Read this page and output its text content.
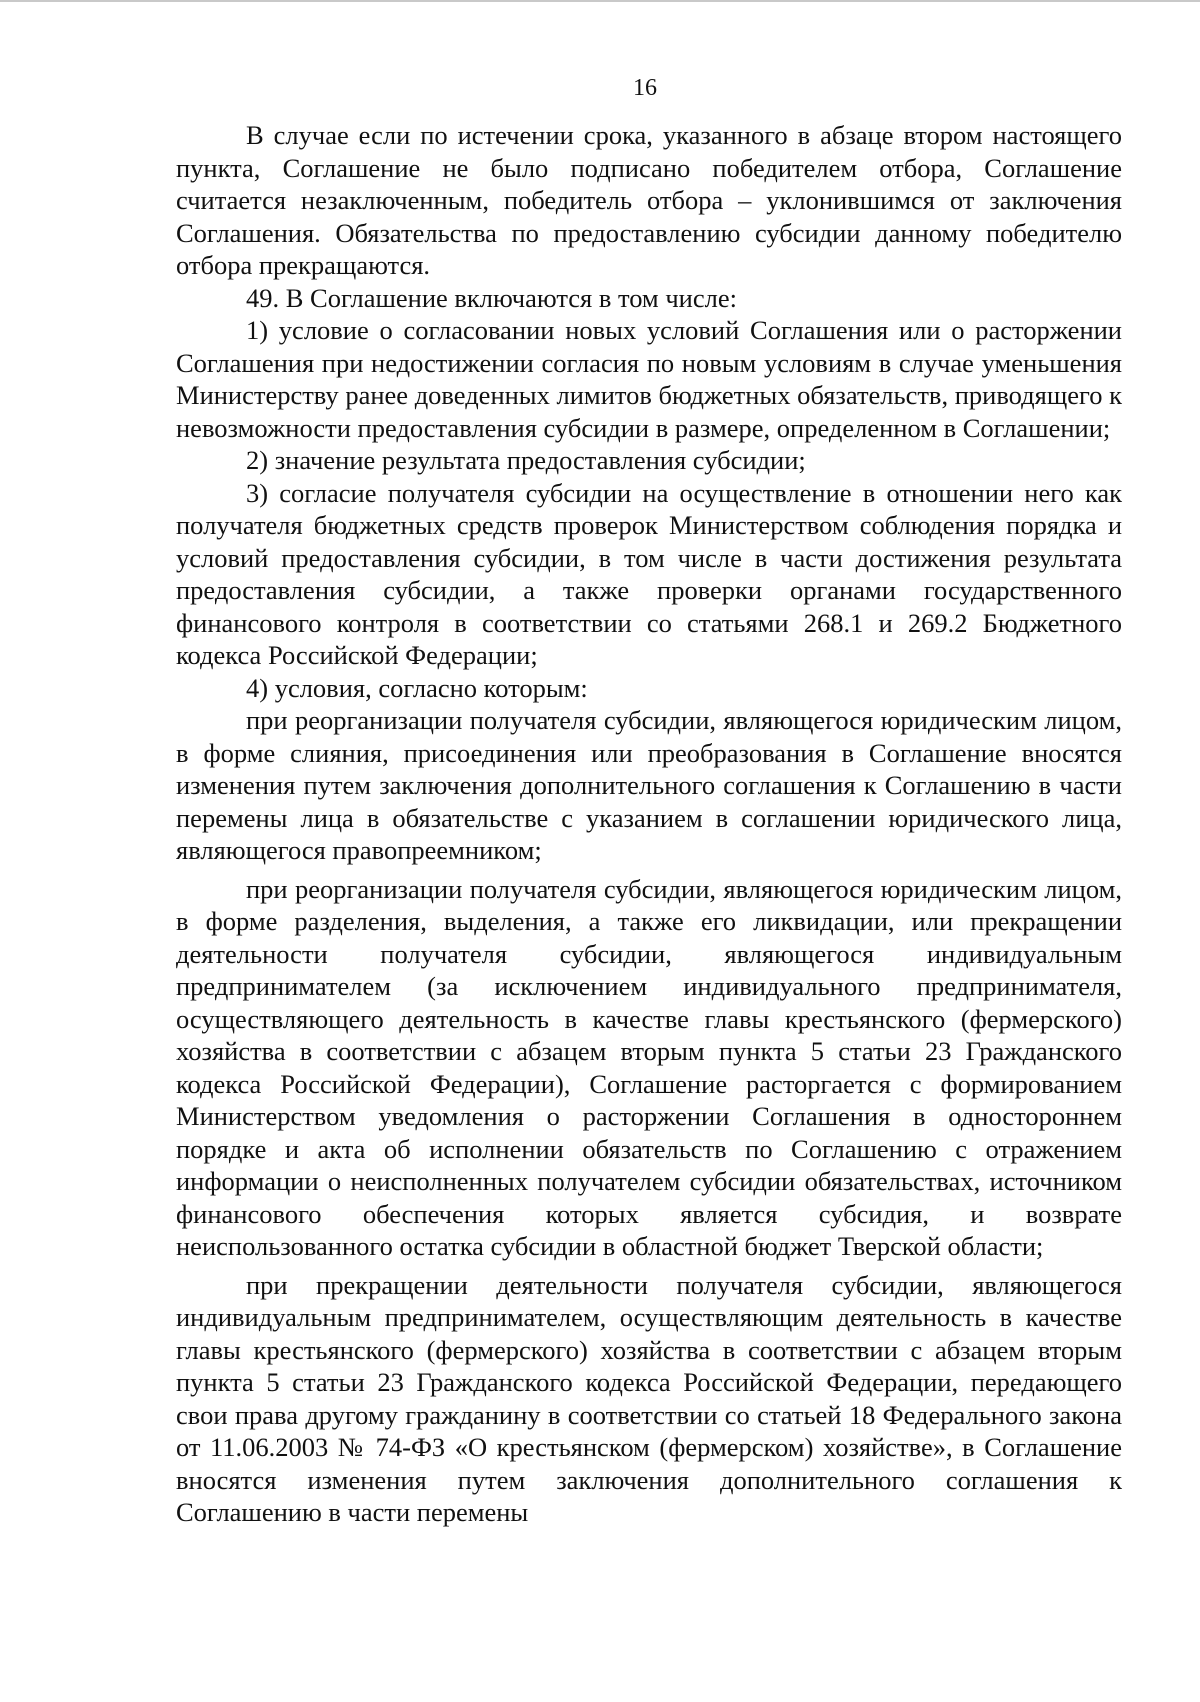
16

В случае если по истечении срока, указанного в абзаце втором настоящего пункта, Соглашение не было подписано победителем отбора, Соглашение считается незаключенным, победитель отбора – уклонившимся от заключения Соглашения. Обязательства по предоставлению субсидии данному победителю отбора прекращаются.

49. В Соглашение включаются в том числе:

1) условие о согласовании новых условий Соглашения или о расторжении Соглашения при недостижении согласия по новым условиям в случае уменьшения Министерству ранее доведенных лимитов бюджетных обязательств, приводящего к невозможности предоставления субсидии в размере, определенном в Соглашении;

2) значение результата предоставления субсидии;

3) согласие получателя субсидии на осуществление в отношении него как получателя бюджетных средств проверок Министерством соблюдения порядка и условий предоставления субсидии, в том числе в части достижения результата предоставления субсидии, а также проверки органами государственного финансового контроля в соответствии со статьями 268.1 и 269.2 Бюджетного кодекса Российской Федерации;

4) условия, согласно которым:

при реорганизации получателя субсидии, являющегося юридическим лицом, в форме слияния, присоединения или преобразования в Соглашение вносятся изменения путем заключения дополнительного соглашения к Соглашению в части перемены лица в обязательстве с указанием в соглашении юридического лица, являющегося правопреемником;

при реорганизации получателя субсидии, являющегося юридическим лицом, в форме разделения, выделения, а также его ликвидации, или прекращении деятельности получателя субсидии, являющегося индивидуальным предпринимателем (за исключением индивидуального предпринимателя, осуществляющего деятельность в качестве главы крестьянского (фермерского) хозяйства в соответствии с абзацем вторым пункта 5 статьи 23 Гражданского кодекса Российской Федерации), Соглашение расторгается с формированием Министерством уведомления о расторжении Соглашения в одностороннем порядке и акта об исполнении обязательств по Соглашению с отражением информации о неисполненных получателем субсидии обязательствах, источником финансового обеспечения которых является субсидия, и возврате неиспользованного остатка субсидии в областной бюджет Тверской области;

при прекращении деятельности получателя субсидии, являющегося индивидуальным предпринимателем, осуществляющим деятельность в качестве главы крестьянского (фермерского) хозяйства в соответствии с абзацем вторым пункта 5 статьи 23 Гражданского кодекса Российской Федерации, передающего свои права другому гражданину в соответствии со статьей 18 Федерального закона от 11.06.2003 № 74-ФЗ «О крестьянском (фермерском) хозяйстве», в Соглашение вносятся изменения путем заключения дополнительного соглашения к Соглашению в части перемены
